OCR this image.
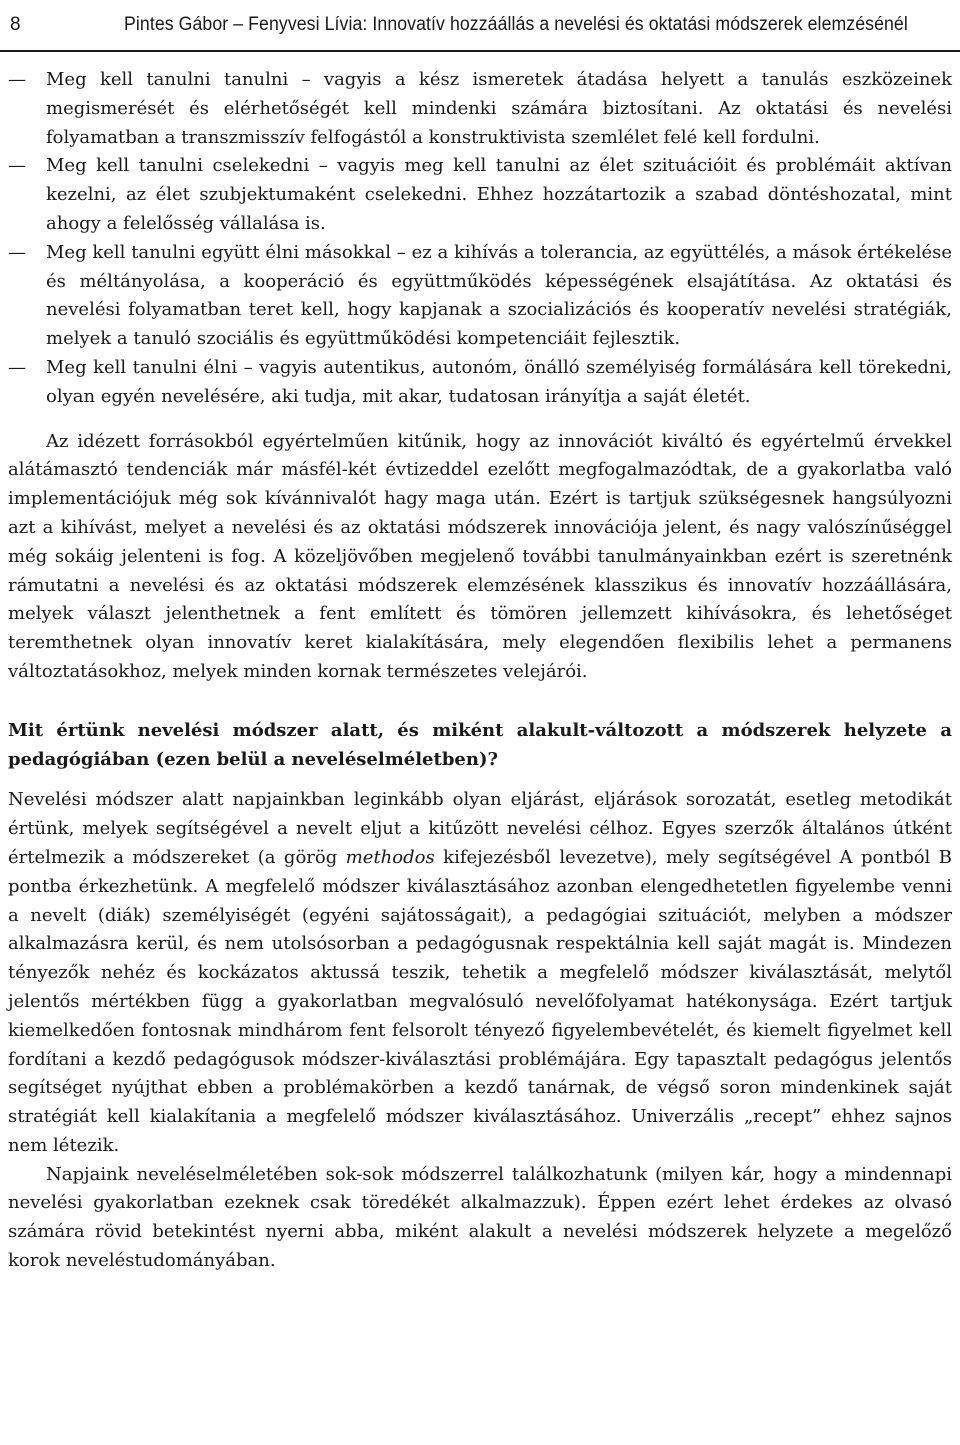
8	Pintes Gábor – Fenyvesi Lívia: Innovatív hozzáállás a nevelési és oktatási módszerek elemzésénél
— Meg kell tanulni tanulni – vagyis a kész ismeretek átadása helyett a tanulás eszközeinek megismerését és elérhetőségét kell mindenki számára biztosítani. Az oktatási és nevelési folyamatban a transzmisszív felfogástól a konstruktivista szemlélet felé kell fordulni.
— Meg kell tanulni cselekedni – vagyis meg kell tanulni az élet szituációit és problémáit aktívan kezelni, az élet szubjektumaként cselekedni. Ehhez hozzátartozik a szabad döntéshozatal, mint ahogy a felelősség vállalása is.
— Meg kell tanulni együtt élni másokkal – ez a kihívás a tolerancia, az együttélés, a mások értékelése és méltányolása, a kooperáció és együttműködés képességének elsajátítása. Az oktatási és nevelési folyamatban teret kell, hogy kapjanak a szocializációs és kooperatív nevelési stratégiák, melyek a tanuló szociális és együttműködési kompetenciáit fejlesztik.
— Meg kell tanulni élni – vagyis autentikus, autonóm, önálló személyiség formálására kell törekedni, olyan egyén nevelésére, aki tudja, mit akar, tudatosan irányítja a saját életét.

Az idézett forrásokból egyértelműen kitűnik, hogy az innovációt kiváltó és egyértelmű érvekkel alátámasztó tendenciák már másfél-két évtizeddel ezelőtt megfogalmazódtak, de a gyakorlatba való implementációjuk még sok kívánnivalót hagy maga után. Ezért is tartjuk szükségesnek hangsúlyozni azt a kihívást, melyet a nevelési és az oktatási módszerek innovációja jelent, és nagy valószínűséggel még sokáig jelenteni is fog. A közeljövőben megjelenő további tanulmányainkban ezért is szeretnénk rámutatni a nevelési és az oktatási módszerek elemzésének klasszikus és innovatív hozzáállására, melyek választ jelenthetnek a fent említett és tömören jellemzett kihívásokra, és lehetőséget teremthetnek olyan innovatív keret kialakítására, mely elegendően flexibilis lehet a permanens változtatásokhoz, melyek minden kornak természetes velejárói.

Mit értünk nevelési módszer alatt, és miként alakult-változott a módszerek helyzete a pedagógiában (ezen belül a neveléselméletben)?

Nevelési módszer alatt napjainkban leginkább olyan eljárást, eljárások sorozatát, esetleg metodikát értünk, melyek segítségével a nevelt eljut a kitűzött nevelési célhoz. Egyes szerzők általános útként értelmezik a módszereket (a görög methodos kifejezésből levezetve), mely segítségével A pontból B pontba érkezhetünk. A megfelelő módszer kiválasztásához azonban elengedhetetlen figyelembe venni a nevelt (diák) személyiségét (egyéni sajátosságait), a pedagógiai szituációt, melyben a módszer alkalmazásra kerül, és nem utolsósorban a pedagógusnak respektálnia kell saját magát is. Mindezen tényezők nehéz és kockázatos aktussá teszik, tehetik a megfelelő módszer kiválasztását, melytől jelentős mértékben függ a gyakorlatban megvalósuló nevelőfolyamat hatékonysága. Ezért tartjuk kiemelkedően fontosnak mindhárom fent felsorolt tényező figyelembevételét, és kiemelt figyelmet kell fordítani a kezdő pedagógusok módszer-kiválasztási problémájára. Egy tapasztalt pedagógus jelentős segítséget nyújthat ebben a problémakörben a kezdő tanárnak, de végső soron mindenkinek saját stratégiát kell kialakítania a megfelelő módszer kiválasztásához. Univerzális „recept” ehhez sajnos nem létezik.

Napjaink neveléselméletében sok-sok módszerrel találkozhatunk (milyen kár, hogy a mindennapi nevelési gyakorlatban ezeknek csak töredékét alkalmazzuk). Éppen ezért lehet érdekes az olvasó számára rövid betekintést nyerni abba, miként alakult a nevelési módszerek helyzete a megelőző korok neveléstudományában.
